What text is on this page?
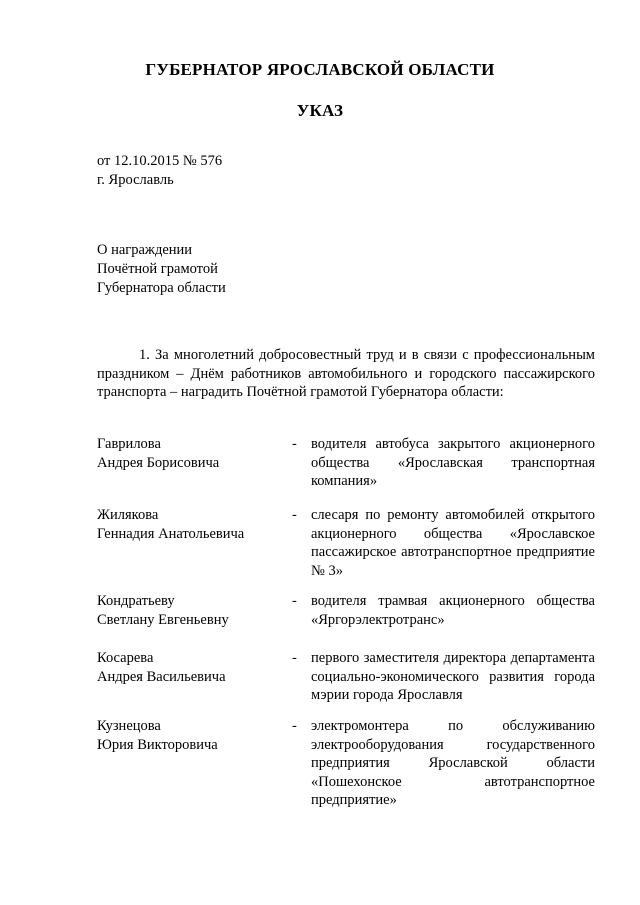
ГУБЕРНАТОР ЯРОСЛАВСКОЙ ОБЛАСТИ
УКАЗ
от 12.10.2015 № 576
г. Ярославль
О награждении
Почётной грамотой
Губернатора области
1. За многолетний добросовестный труд и в связи с профессиональным праздником – Днём работников автомобильного и городского пассажирского транспорта – наградить Почётной грамотой Губернатора области:
Гаврилова
Андрея Борисовича
- водителя автобуса закрытого акционерного общества «Ярославская транспортная компания»
Жилякова
Геннадия Анатольевича
- слесаря по ремонту автомобилей открытого акционерного общества «Ярославское пассажирское автотранспортное предприятие № 3»
Кондратьеву
Светлану Евгеньевну
- водителя трамвая акционерного общества «Яргорэлектротранс»
Косарева
Андрея Васильевича
- первого заместителя директора департамента социально-экономического развития города мэрии города Ярославля
Кузнецова
Юрия Викторовича
- электромонтера по обслуживанию электрооборудования государственного предприятия Ярославской области «Пошехонское автотранспортное предприятие»
